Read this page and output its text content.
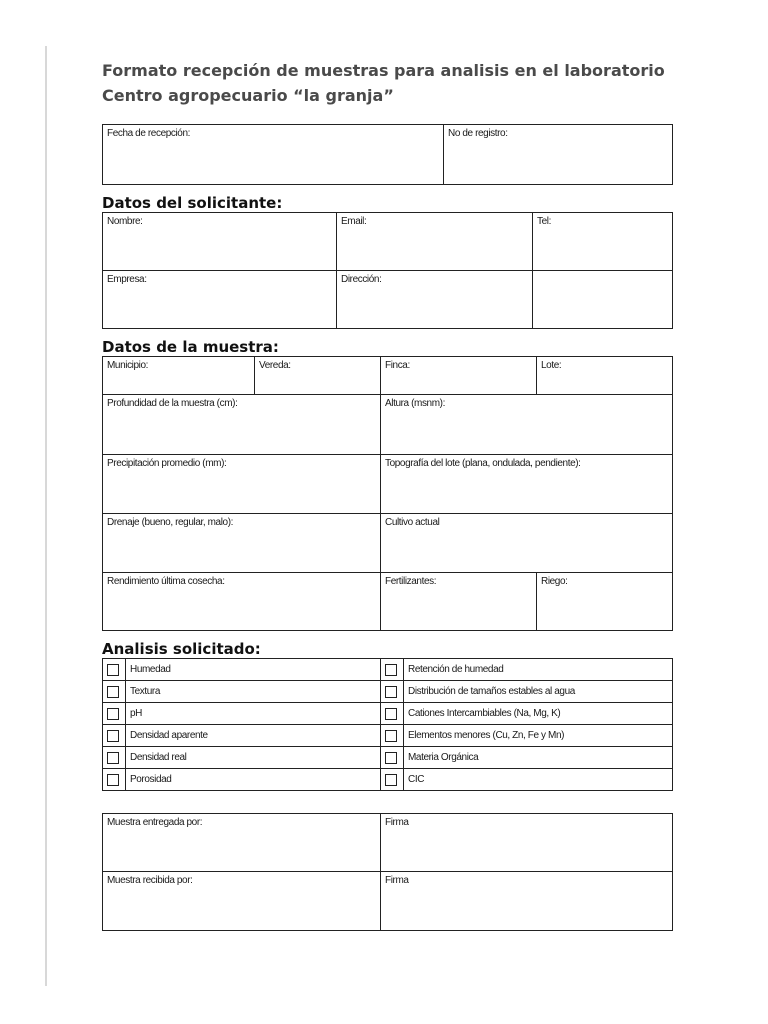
Formato recepción de muestras para analisis en el laboratorio
Centro agropecuario “la granja”
Fecha de recepción:	No de registro:
Datos del solicitante:
Nombre:	Email:	Tel:
Empresa:	Dirección:	
Datos de la muestra:
Municipio:	Vereda:	Finca:	Lote:
Profundidad de la muestra (cm):	Altura (msnm):	
Precipitación promedio (mm):	Topografía del lote (plana, ondulada, pendiente):	
Drenaje (bueno, regular, malo):	Cultivo actual	
Rendimiento última cosecha:	Fertilizantes:	Riego:
Analisis solicitado:
Humedad	Retención de humedad

Textura	Distribución de tamaños estables al agua

pH	Cationes Intercambiables (Na, Mg, K)

Densidad aparente	Elementos menores (Cu, Zn, Fe y Mn)

Densidad real	Materia Orgánica

Porosidad	CIC
Muestra entregada por:	Firma
Muestra recibida por:	Firma
